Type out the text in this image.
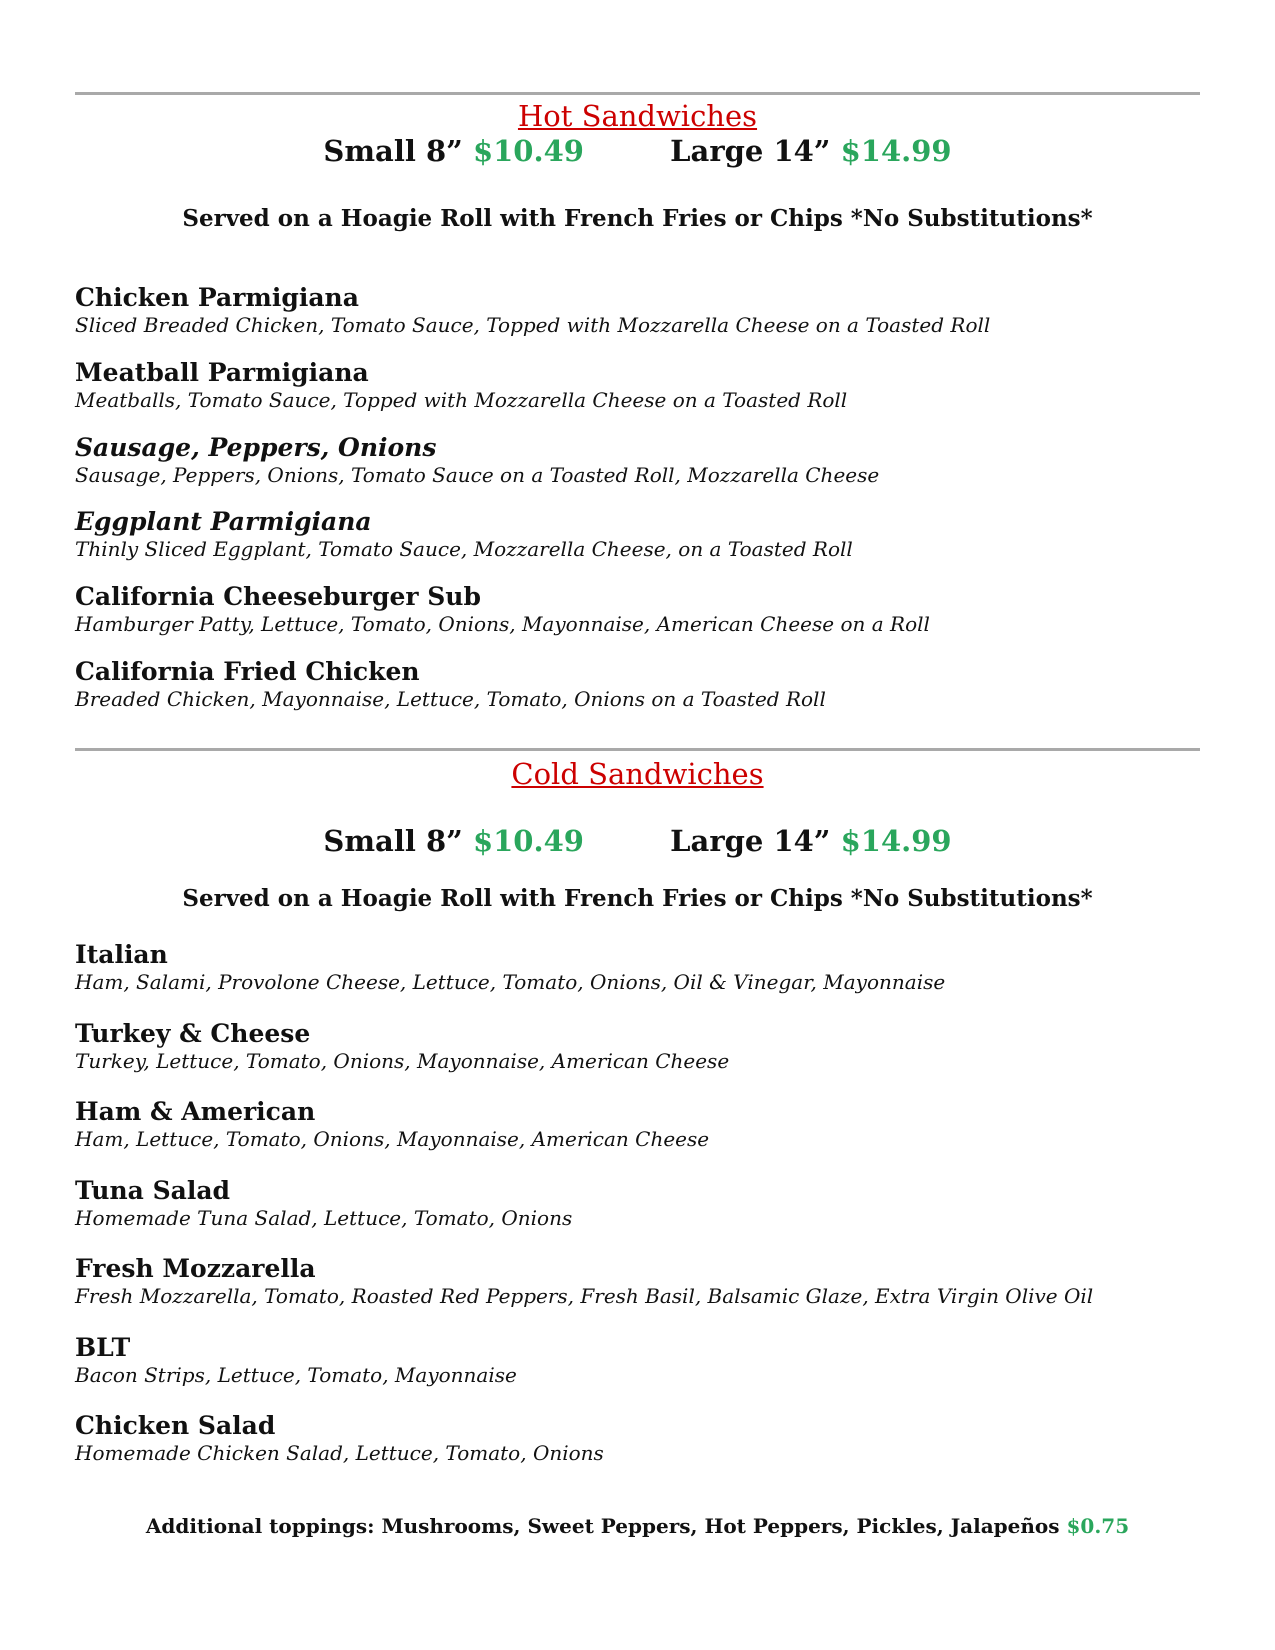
Hot Sandwiches
Small 8” $10.49	Large 14” $14.99
Served on a Hoagie Roll with French Fries or Chips *No Substitutions*
Chicken Parmigiana
Sliced Breaded Chicken, Tomato Sauce, Topped with Mozzarella Cheese on a Toasted Roll
Meatball Parmigiana
Meatballs, Tomato Sauce, Topped with Mozzarella Cheese on a Toasted Roll
Sausage, Peppers, Onions
Sausage, Peppers, Onions, Tomato Sauce on a Toasted Roll, Mozzarella Cheese
Eggplant Parmigiana
Thinly Sliced Eggplant, Tomato Sauce, Mozzarella Cheese, on a Toasted Roll
California Cheeseburger Sub
Hamburger Patty, Lettuce, Tomato, Onions, Mayonnaise, American Cheese on a Roll
California Fried Chicken
Breaded Chicken, Mayonnaise, Lettuce, Tomato, Onions on a Toasted Roll
Cold Sandwiches
Small 8” $10.49	Large 14” $14.99
Served on a Hoagie Roll with French Fries or Chips *No Substitutions*
Italian
Ham, Salami, Provolone Cheese, Lettuce, Tomato, Onions, Oil & Vinegar, Mayonnaise
Turkey & Cheese
Turkey, Lettuce, Tomato, Onions, Mayonnaise, American Cheese
Ham & American
Ham, Lettuce, Tomato, Onions, Mayonnaise, American Cheese
Tuna Salad
Homemade Tuna Salad, Lettuce, Tomato, Onions
Fresh Mozzarella
Fresh Mozzarella, Tomato, Roasted Red Peppers, Fresh Basil, Balsamic Glaze, Extra Virgin Olive Oil
BLT
Bacon Strips, Lettuce, Tomato, Mayonnaise
Chicken Salad
Homemade Chicken Salad, Lettuce, Tomato, Onions
Additional toppings: Mushrooms, Sweet Peppers, Hot Peppers, Pickles, Jalapeños $0.75
